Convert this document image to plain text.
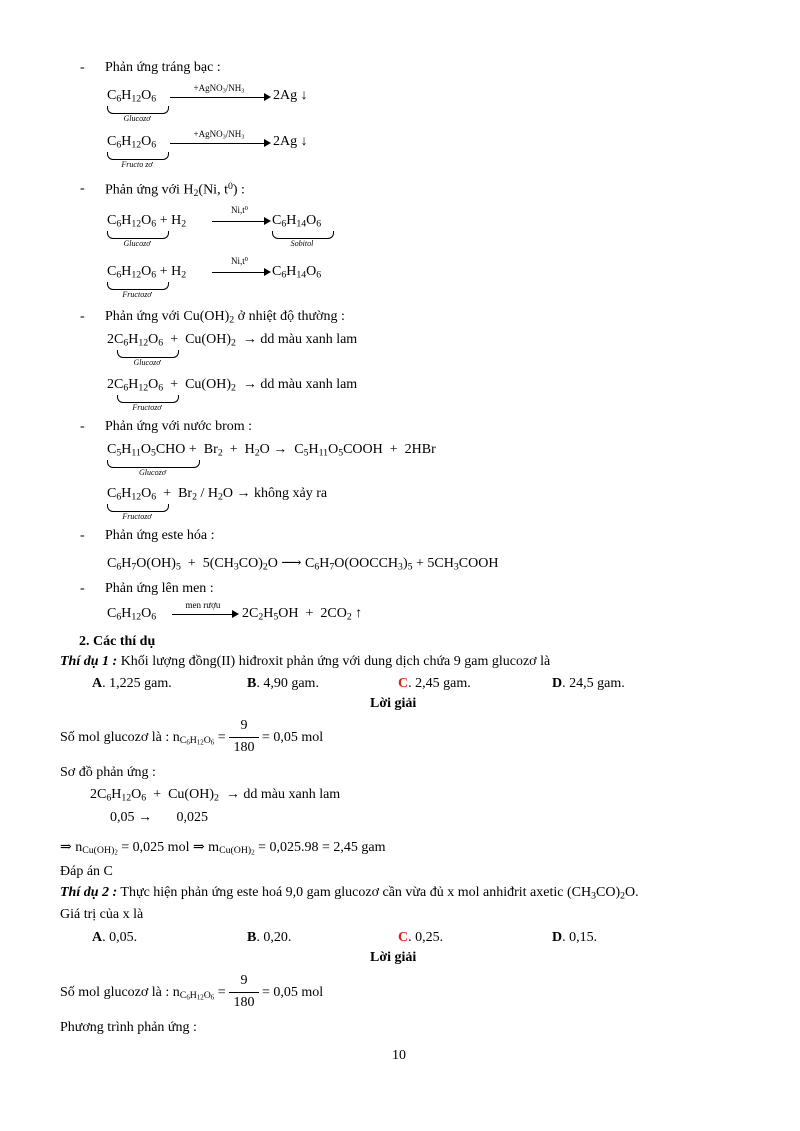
- Phản ứng tráng bạc :
$C_6H_{12}O_6$
Glucozơ
$+AgNO_3/NH_3$	2Ag ↓
$C_6H_{12}O_6$
Fructo zơ
$+AgNO_3/NH_3$	2Ag ↓
- Phản ứng với $H_2(Ni$, $t^0$) :
$C_6H_{12}O_6 + H_2$
Glucozơ
$Ni,t^0$
$C_6H_{14}O_6$
Sobitol
$C_6H_{12}O_6 + H_2$
Fructozơ
$Ni,t^0$
$C_6H_{14}O_6$
- Phản ứng với $Cu(OH)_2$ ở nhiệt độ thường :
$2C_6H_{12}O_6 + Cu(OH)_2$  → dd màu xanh lam
Glucozơ
$2C_6H_{12}O_6 + Cu(OH)_2$  → dd màu xanh lam
Fructozơ
- Phản ứng với nước brom :
$C_5H_{11}O_5CHO + Br_2 + H_2O$ →  $C_5H_{11}O_5COOH + 2HBr$
Glucozơ
$C_6H_{12}O_6 + Br_2 / H_2O$ → không xảy ra
Fructozơ
- Phản ứng este hóa :
$C_6H_7O(OH)_5 + 5(CH_3CO)_2O$ ⟶ $C_6H_7O(OOCCH_3)_5$ + $5CH_3COOH$
- Phản ứng lên men :
$C_6H_{12}O_6$
men rượu
$2C_2H_5OH + 2CO_2$ ↑
2. Các thí dụ
Thí dụ 1 : Khối lượng đồng(II) hiđroxit phản ứng với dung dịch chứa 9 gam glucozơ là
A. 1,225 gam.	B. 4,90 gam.	C. 2,45 gam.	D. 24,5 gam.
Lời giải
Số mol glucozơ là : $n_{C_6H_{12}O_6}$ =
9
180
= 0,05 mol
Sơ đồ phản ứng :
$2C_6H_{12}O_6 + Cu(OH)_2$  → dd màu xanh lam
0,05 →       0,025
⇒ $n_{Cu(OH)_2} = 0,025$ mol ⇒ $m_{Cu(OH)_2} = 0,025.98 = 2,45$ gam
Đáp án C
Thí dụ 2 : Thực hiện phản ứng este hoá 9,0 gam glucozơ cần vừa đủ x mol anhiđrit axetic $(CH_3CO)_2O$.
Giá trị của x là
A. 0,05.	B. 0,20.	C. 0,25.	D. 0,15.
Lời giải
Số mol glucozơ là : $n_{C_6H_{12}O_6}$ =
9
180
= 0,05 mol
Phương trình phản ứng :
10
